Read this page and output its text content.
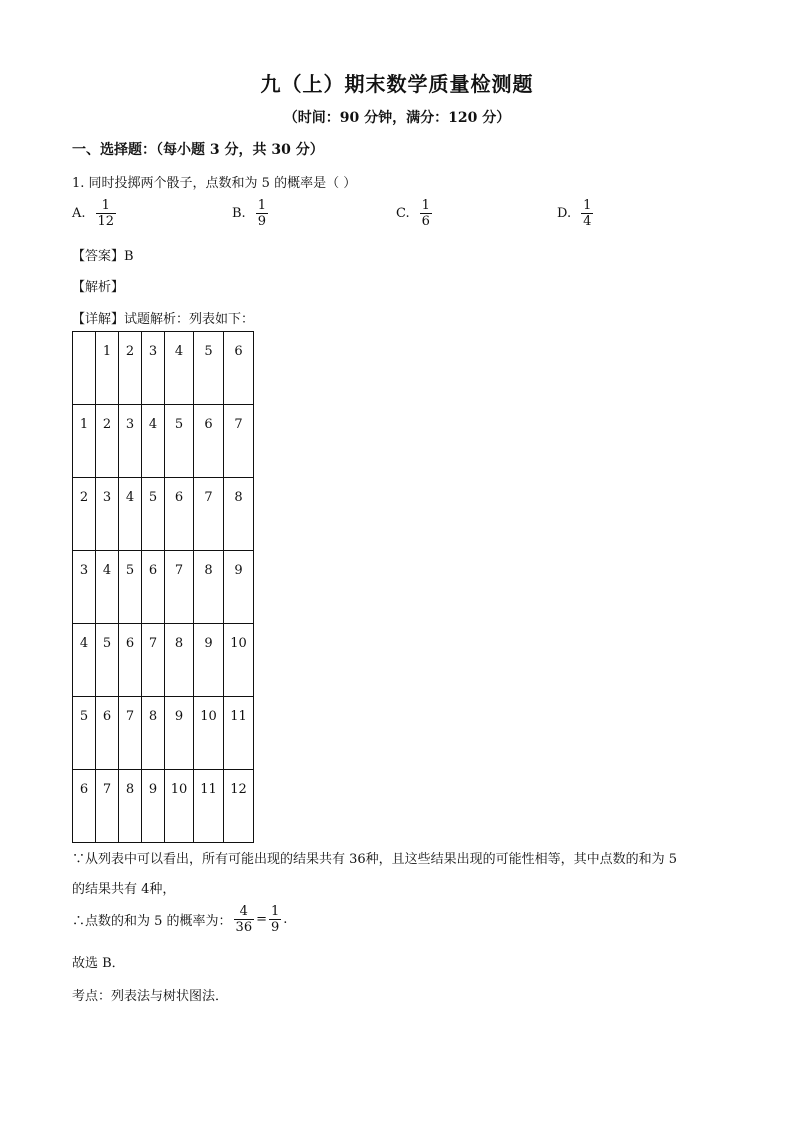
九（上）期末数学质量检测题
（时间：90 分钟，满分：120 分）
一、选择题：（每小题 3 分，共 30 分）
1. 同时投掷两个骰子，点数和为 5 的概率是（ ）
A. $\frac{1}{12}$	B. $\frac{1}{9}$	C. $\frac{1}{6}$	D. $\frac{1}{4}$
【答案】B
【解析】
【详解】试题解析：列表如下：
	1	2	3	4	5	6
1	2	3	4	5	6	7
2	3	4	5	6	7	8
3	4	5	6	7	8	9
4	5	6	7	8	9	10
5	6	7	8	9	10	11
6	7	8	9	10	11	12
∵从列表中可以看出，所有可能出现的结果共有 36种，且这些结果出现的可能性相等，其中点数的和为 5
的结果共有 4种，
∴点数的和为 5 的概率为： $\frac{4}{36} = \frac{1}{9}$ .
故选 B．
考点：列表法与树状图法．
